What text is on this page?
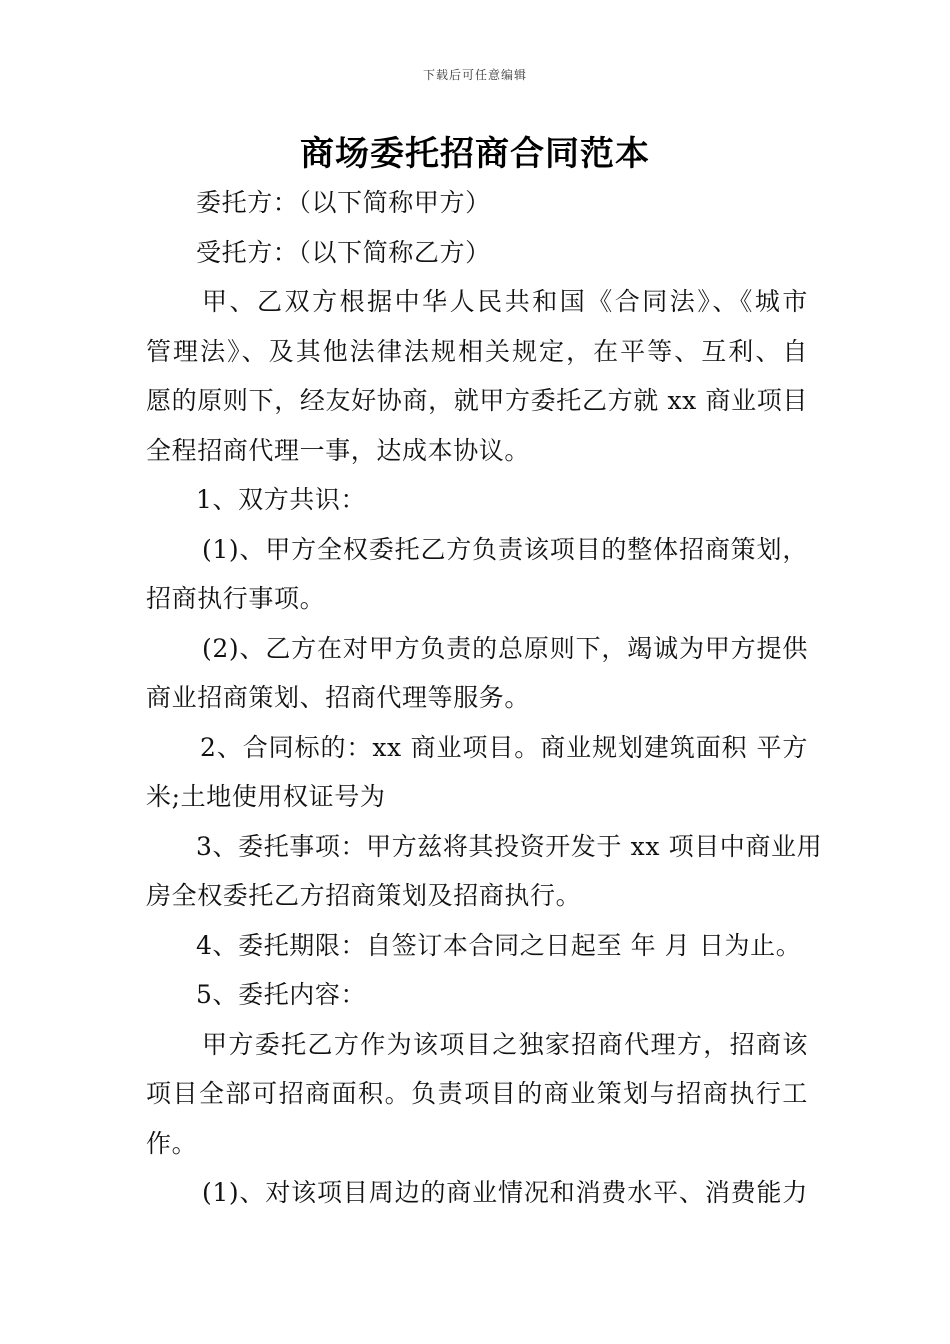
下载后可任意编辑
商场委托招商合同范本
委托方：（以下简称甲方）
受托方：（以下简称乙方）
甲、乙双方根据中华人民共和国《合同法》、《城市
管理法》、及其他法律法规相关规定，在平等、互利、自
愿的原则下，经友好协商，就甲方委托乙方就 xx 商业项目
全程招商代理一事，达成本协议。
1、双方共识：
(1)、甲方全权委托乙方负责该项目的整体招商策划，
招商执行事项。
(2)、乙方在对甲方负责的总原则下，竭诚为甲方提供
商业招商策划、招商代理等服务。
2、合同标的：xx 商业项目。商业规划建筑面积 平方
米;土地使用权证号为
3、委托事项：甲方兹将其投资开发于 xx 项目中商业用
房全权委托乙方招商策划及招商执行。
4、委托期限：自签订本合同之日起至 年 月 日为止。
5、委托内容：
甲方委托乙方作为该项目之独家招商代理方，招商该
项目全部可招商面积。负责项目的商业策划与招商执行工
作。
(1)、对该项目周边的商业情况和消费水平、消费能力
